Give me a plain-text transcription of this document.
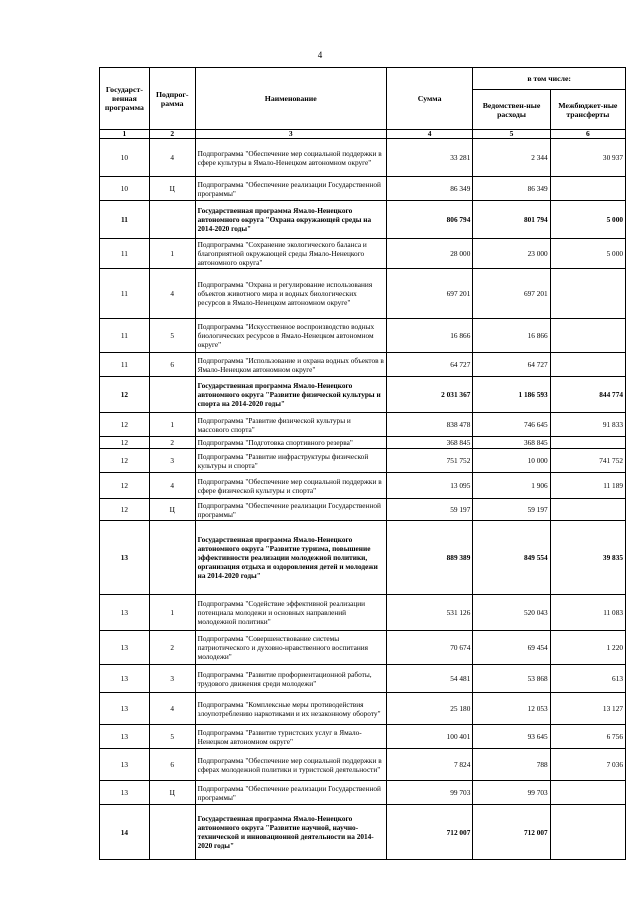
4
Государст-венная программа	Подпрог-рамма	Наименование	Сумма	в том числе:	
				Ведомствен-ные расходы	Межбюджет-ные трансферты
1	2	3	4	5	6
10	4	Подпрограмма "Обеспечение мер социальной поддержки в сфере культуры в Ямало-Ненецком автономном округе"	33 281	2 344	30 937
10	Ц	Подпрограмма "Обеспечение реализации Государственной программы"	86 349	86 349	
11		Государственная программа Ямало-Ненецкого автономного округа "Охрана окружающей среды на 2014-2020 годы"	806 794	801 794	5 000
11	1	Подпрограмма "Сохранение экологического баланса и благоприятной окружающей среды Ямало-Ненецкого автономного округа"	28 000	23 000	5 000
11	4	Подпрограмма "Охрана и регулирование использования объектов животного мира и водных биологических ресурсов в Ямало-Ненецком автономном округе"	697 201	697 201	
11	5	Подпрограмма "Искусственное воспроизводство водных биологических ресурсов в Ямало-Ненецком автономном округе"	16 866	16 866	
11	6	Подпрограмма "Использование и охрана водных объектов в Ямало-Ненецком автономном округе"	64 727	64 727	
12		Государственная программа Ямало-Ненецкого автономного округа "Развитие физической культуры и спорта на 2014-2020 годы"	2 031 367	1 186 593	844 774
12	1	Подпрограмма "Развитие физической культуры и массового спорта"	838 478	746 645	91 833
12	2	Подпрограмма "Подготовка спортивного резерва"	368 845	368 845	
12	3	Подпрограмма "Развитие инфраструктуры физической культуры и спорта"	751 752	10 000	741 752
12	4	Подпрограмма "Обеспечение мер социальной поддержки в сфере физической культуры и спорта"	13 095	1 906	11 189
12	Ц	Подпрограмма "Обеспечение реализации Государственной программы"	59 197	59 197	
13		Государственная программа Ямало-Ненецкого автономного округа "Развитие туризма, повышение эффективности реализации молодежной политики, организация отдыха и оздоровления детей и молодежи на 2014-2020 годы"	889 389	849 554	39 835
13	1	Подпрограмма "Содействие эффективной реализации потенциала молодежи и основных направлений молодежной политики"	531 126	520 043	11 083
13	2	Подпрограмма "Совершенствование системы патриотического и духовно-нравственного воспитания молодежи"	70 674	69 454	1 220
13	3	Подпрограмма "Развитие профориентационной работы, трудового движения среди молодежи"	54 481	53 868	613
13	4	Подпрограмма "Комплексные меры противодействия злоупотреблению наркотиками и их незаконному обороту"	25 180	12 053	13 127
13	5	Подпрограмма "Развитие туристских услуг в Ямало-Ненецком автономном округе"	100 401	93 645	6 756
13	6	Подпрограмма "Обеспечение мер социальной поддержки в сферах молодежной политики и туристской деятельности"	7 824	788	7 036
13	Ц	Подпрограмма "Обеспечение реализации Государственной программы"	99 703	99 703	
14		Государственная программа Ямало-Ненецкого автономного округа "Развитие научной, научно-технической и инновационной деятельности на 2014-2020 годы"	712 007	712 007	
